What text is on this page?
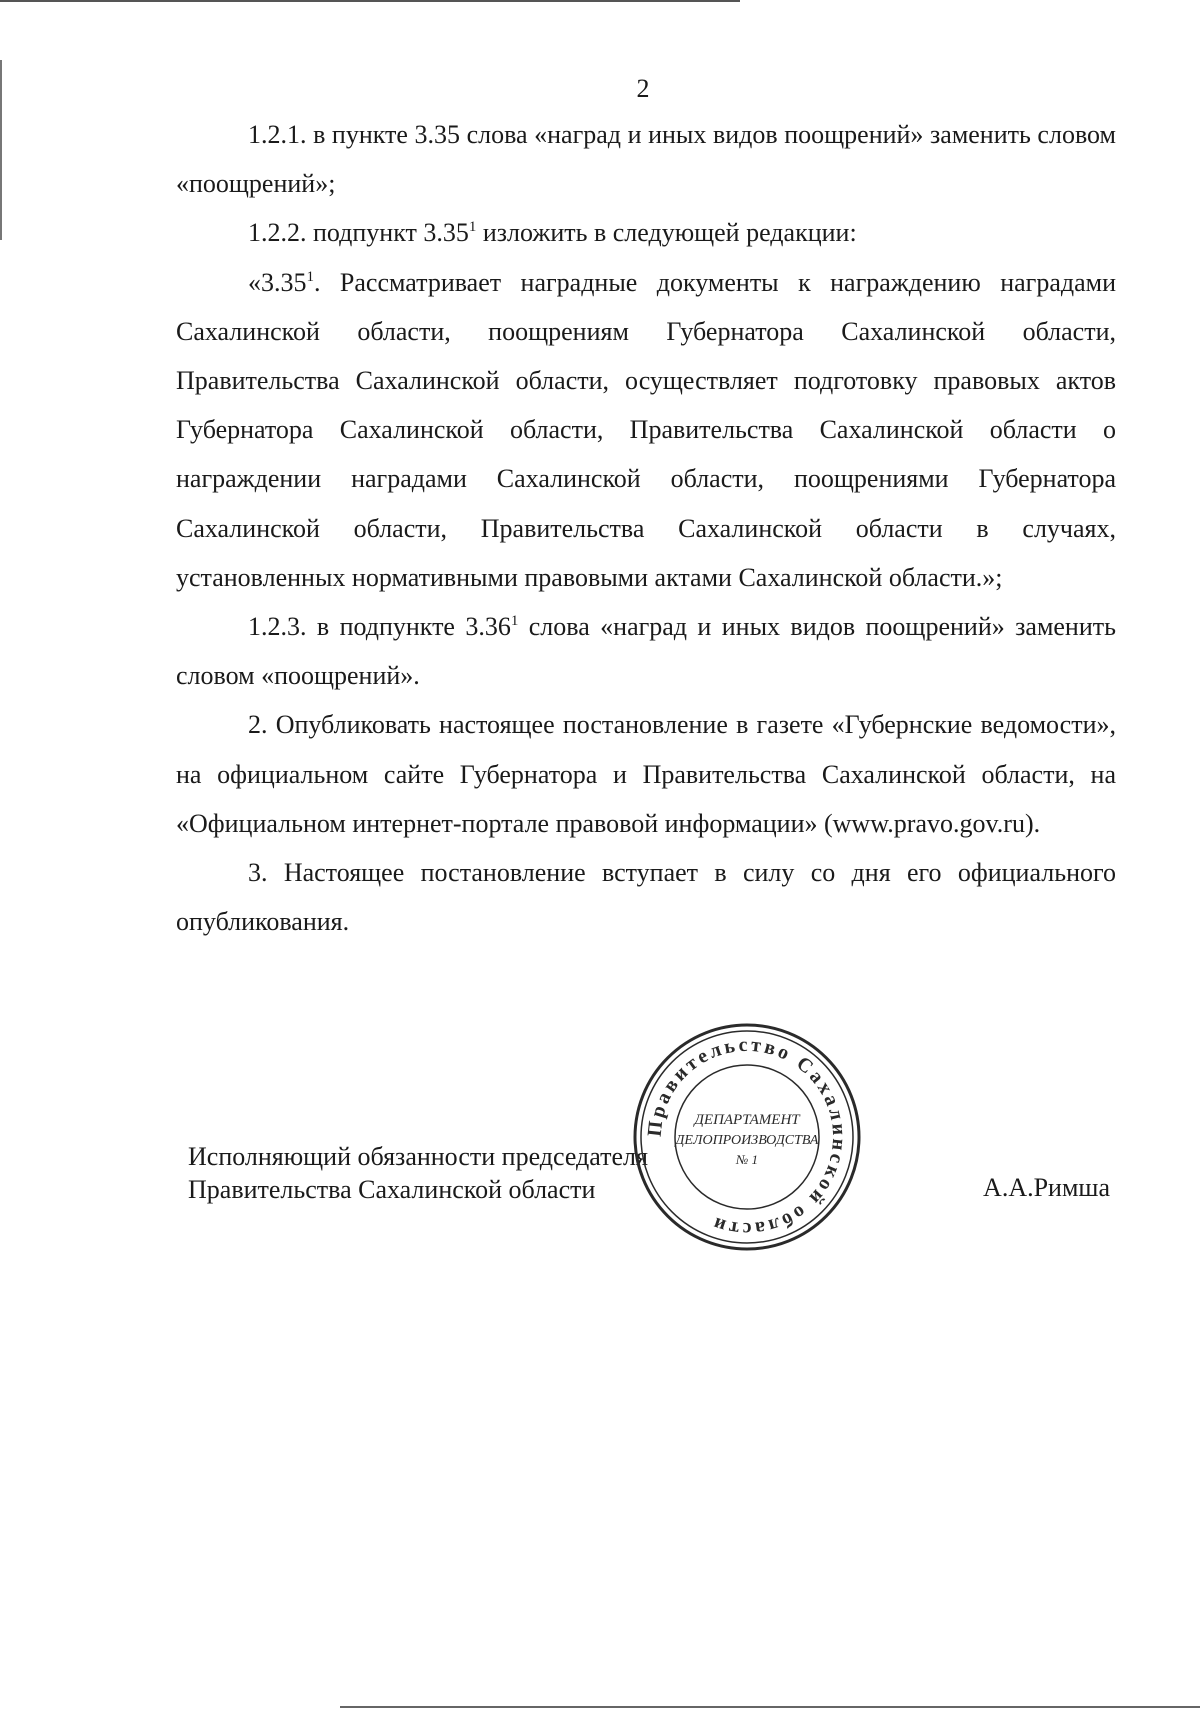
2

1.2.1. в пункте 3.35 слова «наград и иных видов поощрений» заменить словом «поощрений»;

1.2.2. подпункт 3.35$^1$ изложить в следующей редакции:

«3.35$^1$. Рассматривает наградные документы к награждению наградами Сахалинской области, поощрениям Губернатора Сахалинской области, Правительства Сахалинской области, осуществляет подготовку правовых актов Губернатора Сахалинской области, Правительства Сахалинской области о награждении наградами Сахалинской области, поощрениями Губернатора Сахалинской области, Правительства Сахалинской области в случаях, установленных нормативными правовыми актами Сахалинской области.»;

1.2.3. в подпункте 3.36$^1$ слова «наград и иных видов поощрений» заменить словом «поощрений».

2. Опубликовать настоящее постановление в газете «Губернские ведомости», на официальном сайте Губернатора и Правительства Сахалинской области, на «Официальном интернет-портале правовой информации» (www.pravo.gov.ru).

3. Настоящее постановление вступает в силу со дня его официального опубликования.

Исполняющий обязанности председателя
Правительства Сахалинской области	А.А.Римша
Правительство Сахалинской области
ДЕПАРТАМЕНТ
ДЕЛОПРОИЗВОДСТВА
№ 1
